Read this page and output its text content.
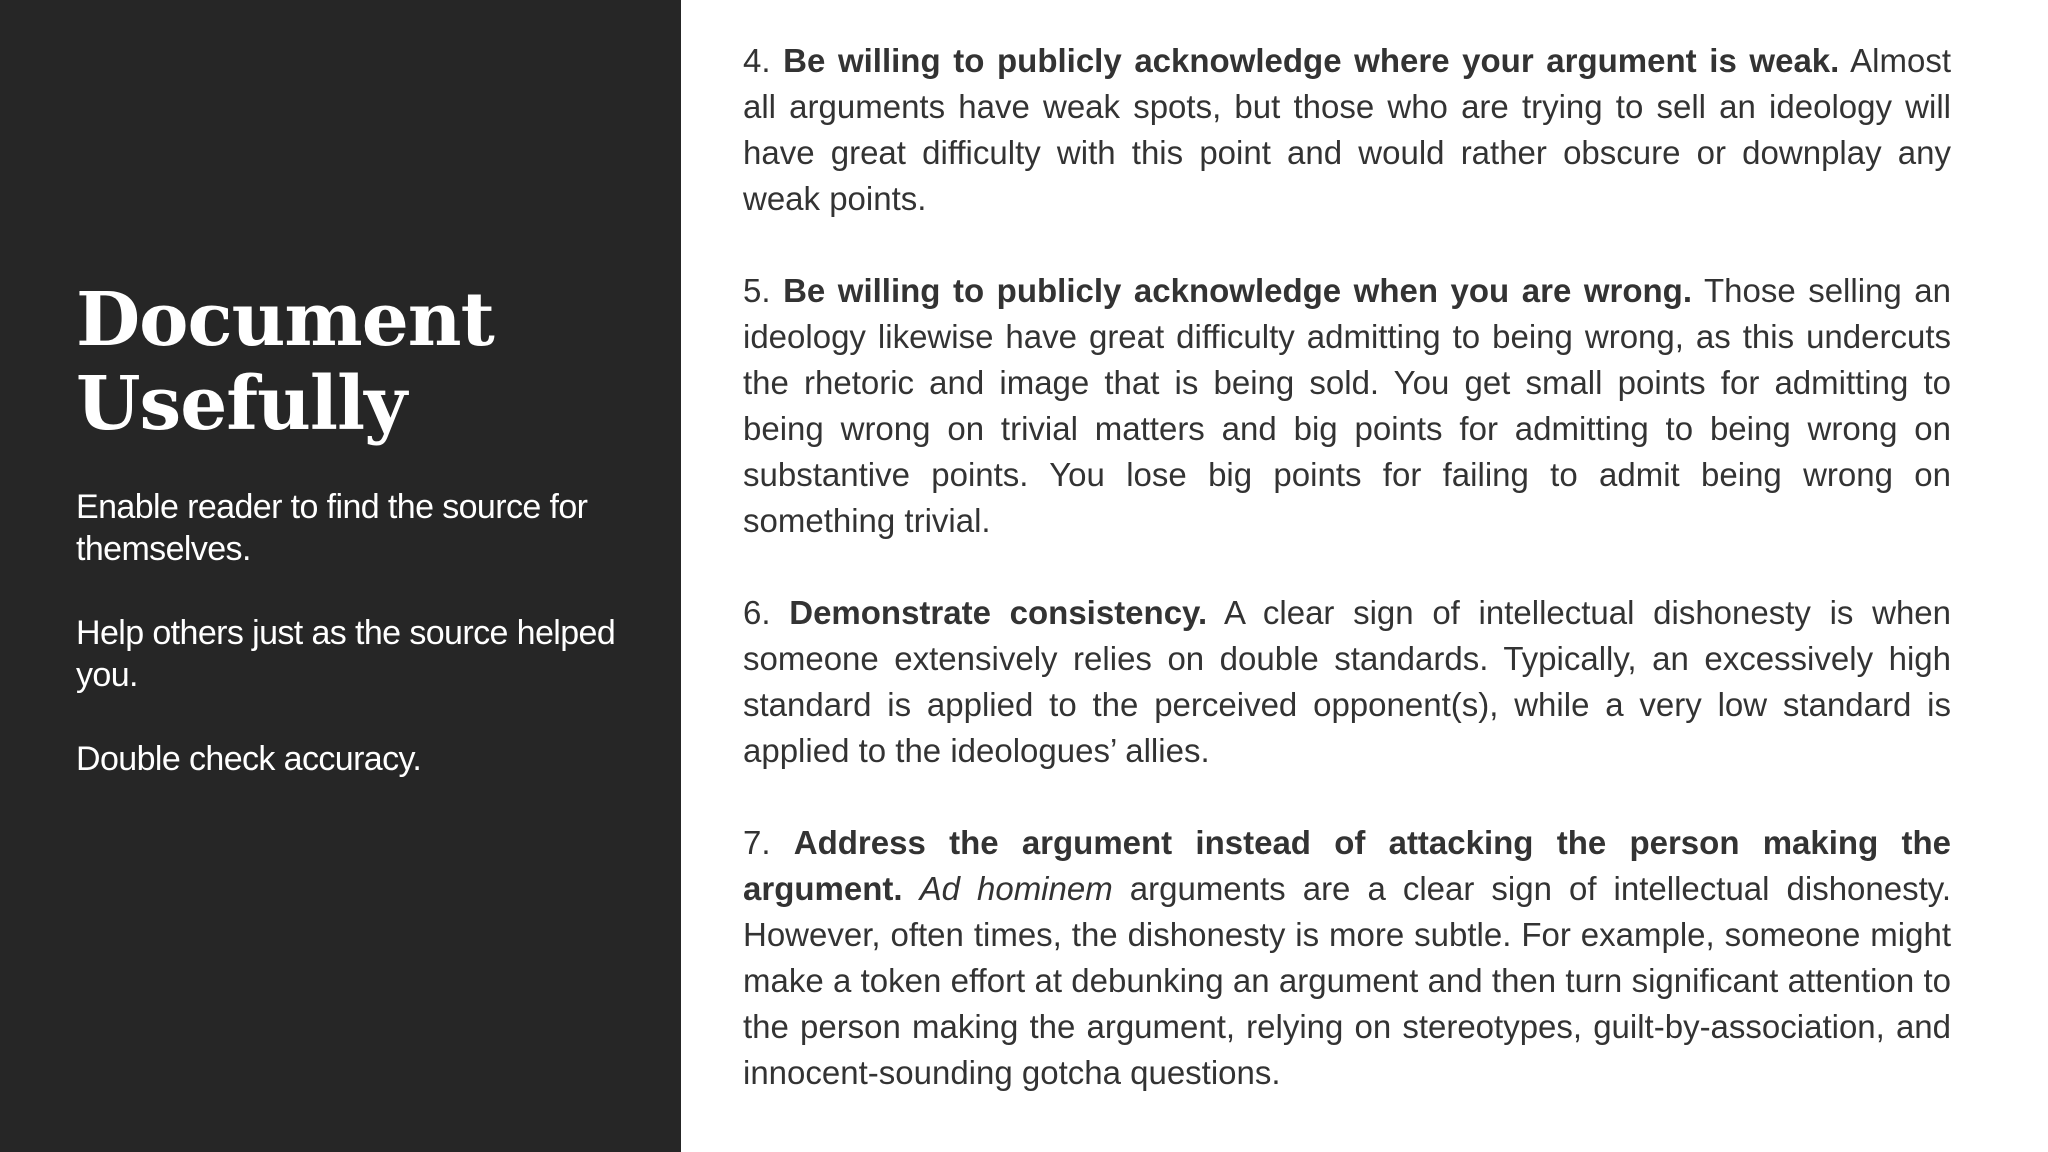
Document
Usefully

Enable reader to find the source for themselves.

Help others just as the source helped you.

Double check accuracy.

4. Be willing to publicly acknowledge where your argument is weak. Almost all arguments have weak spots, but those who are trying to sell an ideology will have great difficulty with this point and would rather obscure or downplay any weak points.

5. Be willing to publicly acknowledge when you are wrong. Those selling an ideology likewise have great difficulty admitting to being wrong, as this undercuts the rhetoric and image that is being sold. You get small points for admitting to being wrong on trivial matters and big points for admitting to being wrong on substantive points. You lose big points for failing to admit being wrong on something trivial.

6. Demonstrate consistency. A clear sign of intellectual dishonesty is when someone extensively relies on double standards. Typically, an excessively high standard is applied to the perceived opponent(s), while a very low standard is applied to the ideologues’ allies.

7. Address the argument instead of attacking the person making the argument. Ad hominem arguments are a clear sign of intellectual dishonesty. However, often times, the dishonesty is more subtle. For example, someone might make a token effort at debunking an argument and then turn significant attention to the person making the argument, relying on stereotypes, guilt-by-association, and innocent-sounding gotcha questions.
